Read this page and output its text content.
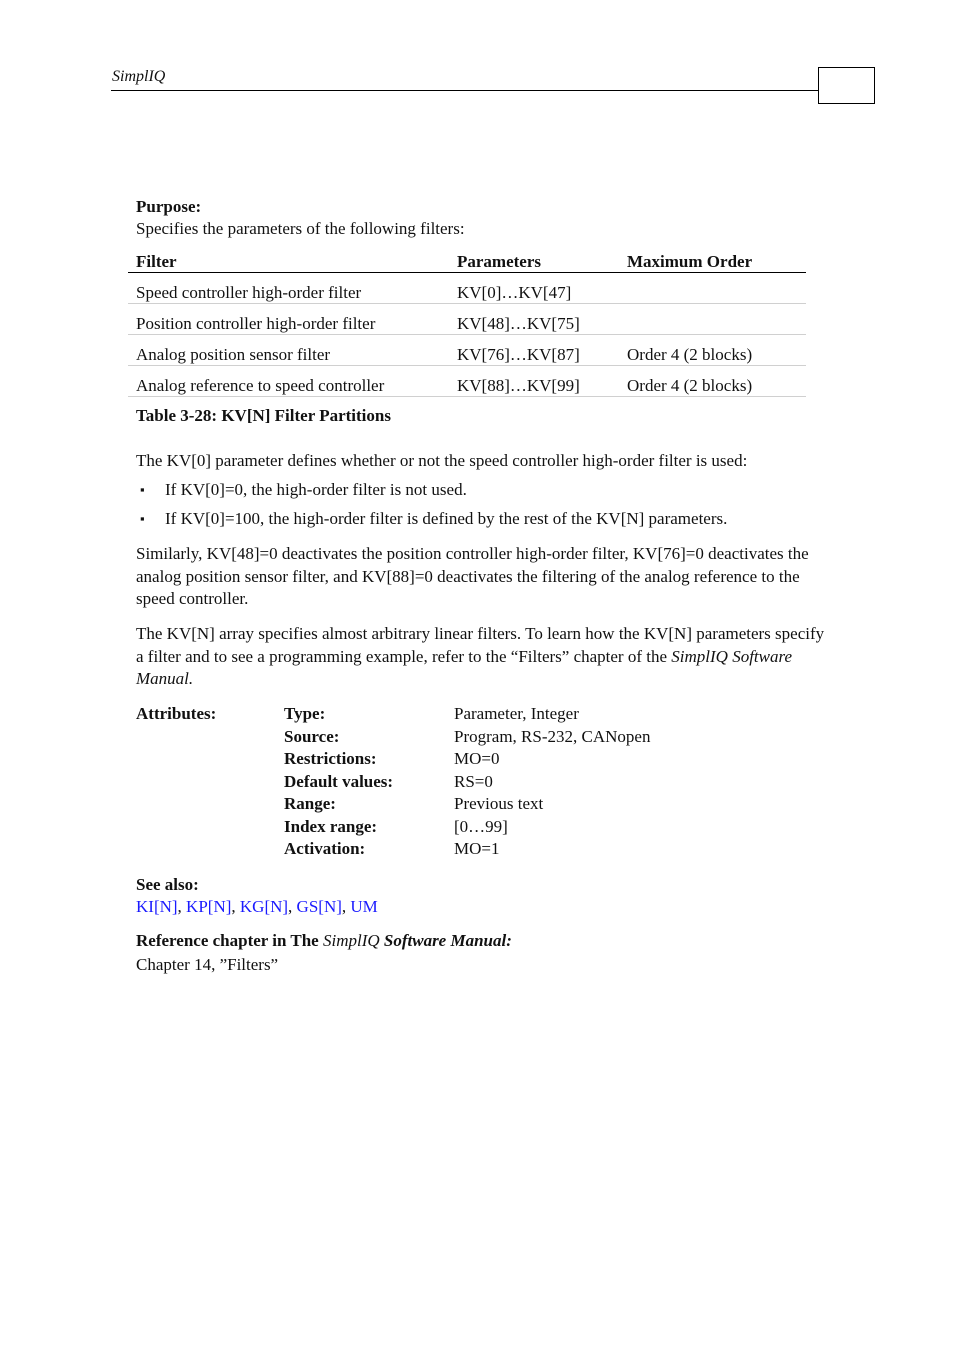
SimplIQ
Purpose:
Specifies the parameters of the following filters:
Filter	Parameters	Maximum Order
Speed controller high-order filter	KV[0]…KV[47]
Position controller high-order filter	KV[48]…KV[75]
Analog position sensor filter	KV[76]…KV[87]	Order 4 (2 blocks)
Analog reference to speed controller	KV[88]…KV[99]	Order 4 (2 blocks)
Table 3-28: KV[N] Filter Partitions
The KV[0] parameter defines whether or not the speed controller high-order filter is used:
▪ If KV[0]=0, the high-order filter is not used.
▪ If KV[0]=100, the high-order filter is defined by the rest of the KV[N] parameters.
Similarly, KV[48]=0 deactivates the position controller high-order filter, KV[76]=0 deactivates the analog position sensor filter, and KV[88]=0 deactivates the filtering of the analog reference to the speed controller.
The KV[N] array specifies almost arbitrary linear filters. To learn how the KV[N] parameters specify a filter and to see a programming example, refer to the “Filters” chapter of the SimplIQ Software Manual.
Attributes:	Type:	Parameter, Integer
Source:	Program, RS-232, CANopen
Restrictions:	MO=0
Default values:	RS=0
Range:	Previous text
Index range:	[0…99]
Activation:	MO=1
See also:
KI[N], KP[N], KG[N], GS[N], UM
Reference chapter in The SimplIQ Software Manual:
Chapter 14, ”Filters”
